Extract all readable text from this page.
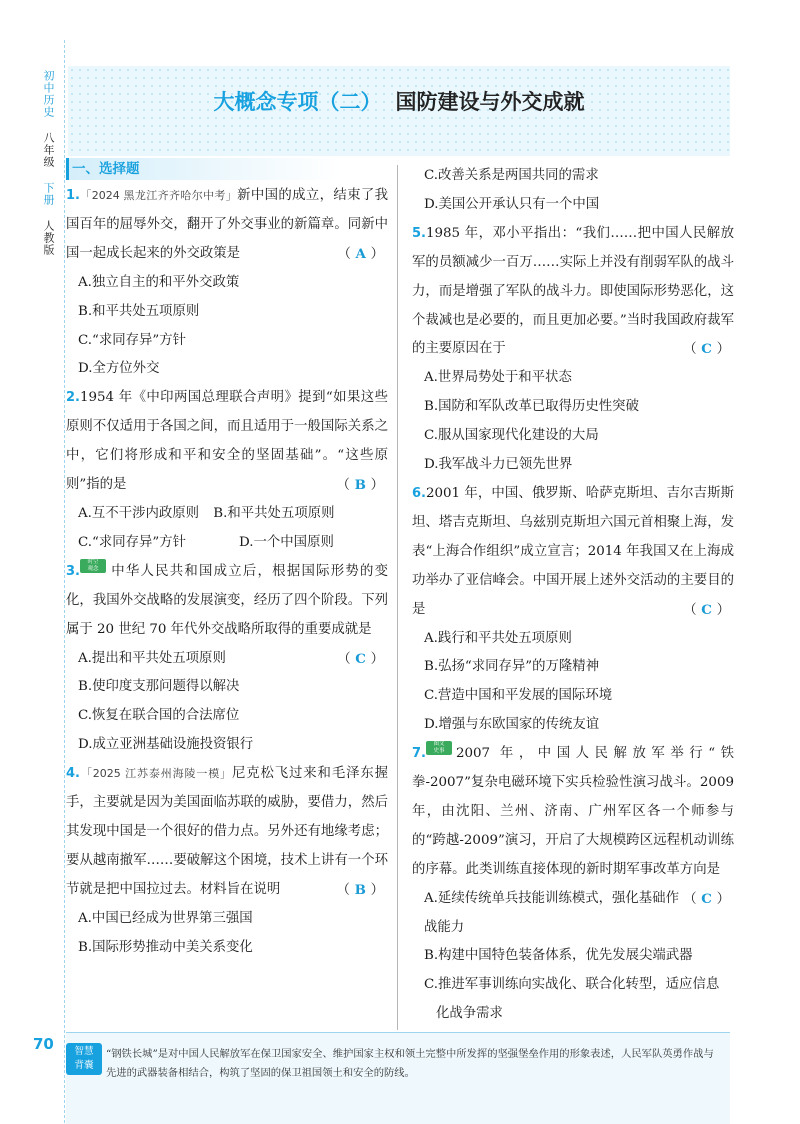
初中历史 八年级 下册 人教版
大概念专项（二） 国防建设与外交成就
一、选择题
1.「2024 黑龙江齐齐哈尔中考」新中国的成立，结束了我国百年的屈辱外交，翻开了外交事业的新篇章。同新中国一起成长起来的外交政策是	（ A ）
A.独立自主的和平外交政策
B.和平共处五项原则
C.“求同存异”方针
D.全方位外交
2.1954 年《中印两国总理联合声明》提到“如果这些原则不仅适用于各国之间，而且适用于一般国际关系之中，它们将形成和平和安全的坚固基础”。“这些原则”指的是	（ B ）
A.互不干涉内政原则	B.和平共处五项原则
C.“求同存异”方针	D.一个中国原则
3.时空
观念 中华人民共和国成立后，根据国际形势的变化，我国外交战略的发展演变，经历了四个阶段。下列属于 20 世纪 70 年代外交战略所取得的重要成就是
（ C ）
A.提出和平共处五项原则
B.使印度支那问题得以解决
C.恢复在联合国的合法席位
D.成立亚洲基础设施投资银行
4.「2025 江苏泰州海陵一模」尼克松飞过来和毛泽东握手，主要就是因为美国面临苏联的威胁，要借力，然后其发现中国是一个很好的借力点。另外还有地缘考虑；要从越南撤军……要破解这个困境，技术上讲有一个环节就是把中国拉过去。材料旨在说明	（ B ）
A.中国已经成为世界第三强国
B.国际形势推动中美关系变化
C.改善关系是两国共同的需求
D.美国公开承认只有一个中国
5.1985 年，邓小平指出：“我们……把中国人民解放军的员额减少一百万……实际上并没有削弱军队的战斗力，而是增强了军队的战斗力。即使国际形势恶化，这个裁减也是必要的，而且更加必要。”当时我国政府裁军的主要原因在于	（ C ）
A.世界局势处于和平状态
B.国防和军队改革已取得历史性突破
C.服从国家现代化建设的大局
D.我军战斗力已领先世界
6.2001 年，中国、俄罗斯、哈萨克斯坦、吉尔吉斯斯坦、塔吉克斯坦、乌兹别克斯坦六国元首相聚上海，发表“上海合作组织”成立宣言；2014 年我国又在上海成功举办了亚信峰会。中国开展上述外交活动的主要目的是	（ C ）
A.践行和平共处五项原则
B.弘扬“求同存异”的万隆精神
C.营造中国和平发展的国际环境
D.增强与东欧国家的传统友谊
7.图文
史事 2007 年，中国人民解放军举行“铁拳-2007”复杂电磁环境下实兵检验性演习战斗。2009 年，由沈阳、兰州、济南、广州军区各一个师参与的“跨越-2009”演习，开启了大规模跨区远程机动训练的序幕。此类训练直接体现的新时期军事改革方向是
（ C ）
A.延续传统单兵技能训练模式，强化基础作战能力
B.构建中国特色装备体系，优先发展尖端武器
C.推进军事训练向实战化、联合化转型，适应信息
化战争需求
70	智慧
背囊
“钢铁长城”是对中国人民解放军在保卫国家安全、维护国家主权和领土完整中所发挥的坚强堡垒作用的形象表述，人民军队英勇作战与先进的武器装备相结合，构筑了坚固的保卫祖国领土和安全的防线。
